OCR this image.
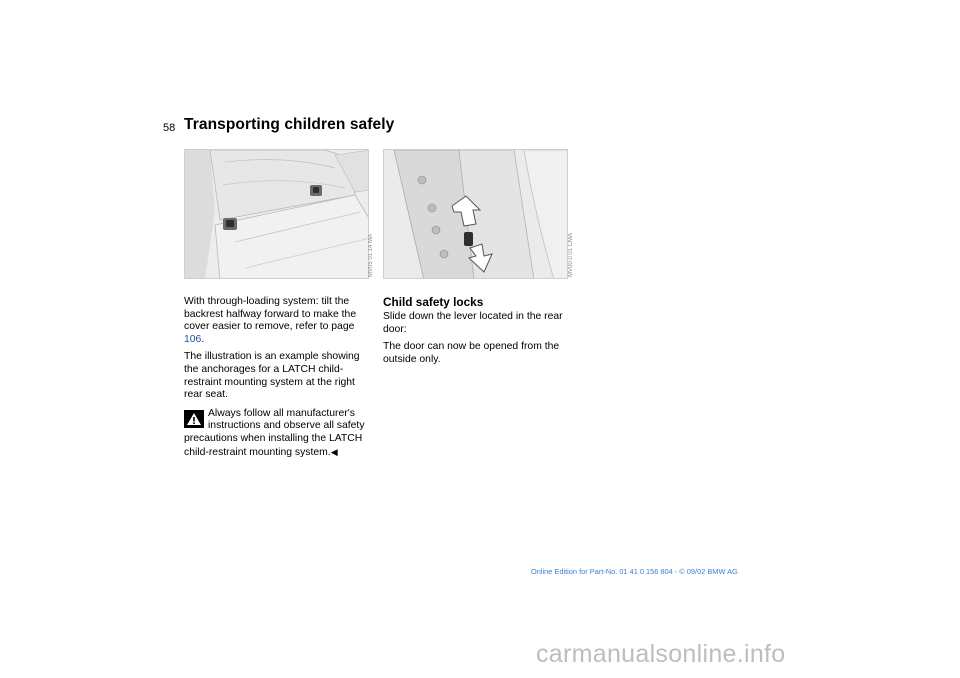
58 Transporting children safely
MV05 01 14 MA	MV00 0 01 CMA

With through-loading system: tilt the backrest halfway forward to make the cover easier to remove, refer to page 106.

The illustration is an example showing the anchorages for a LATCH child-restraint mounting system at the right rear seat.

Always follow all manufacturer's
instructions and observe all safety precautions when installing the LATCH child-restraint mounting system.◀
Child safety locks

Slide down the lever located in the rear door:

The door can now be opened from the outside only.

Online Edition for Part-No. 01 41 0 156 804 - © 09/02 BMW AG
carmanualsonline.info
